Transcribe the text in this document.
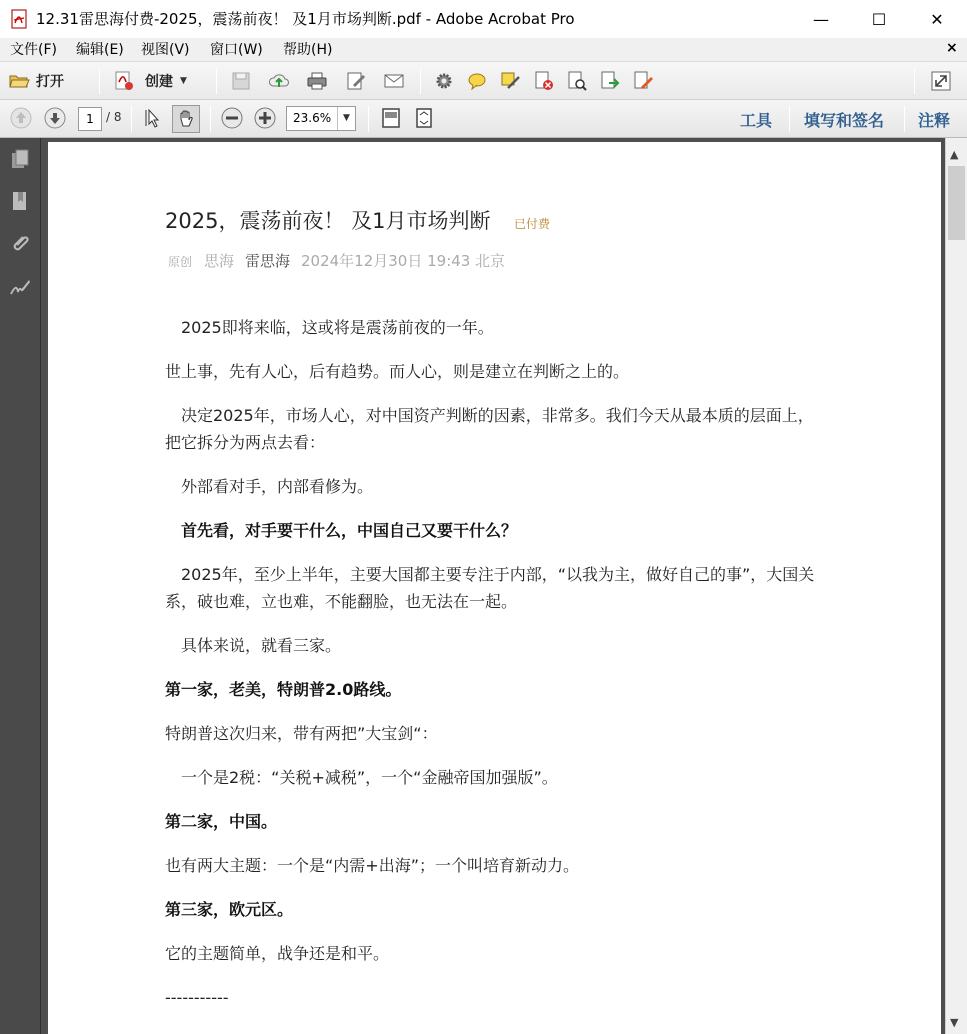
12.31雷思海付费-2025，震荡前夜！ 及1月市场判断.pdf - Adobe Acrobat Pro	—	☐	✕
文件(F) 编辑(E) 视图(V) 窗口(W) 帮助(H)	×
打开	创建 ▼
1	/ 8	23.6%	▼	工具 填写和签名 注释
2025，震荡前夜！ 及1月市场判断 已付费
原创 思海 雷思海 2024年12月30日 19:43 北京
　2025即将来临，这或将是震荡前夜的一年。
世上事，先有人心，后有趋势。而人心，则是建立在判断之上的。
　决定2025年，市场人心，对中国资产判断的因素，非常多。我们今天从最本质的层面上，把它拆分为两点去看：
　外部看对手，内部看修为。
　首先看，对手要干什么，中国自己又要干什么？
　2025年，至少上半年，主要大国都主要专注于内部，“以我为主，做好自己的事”，大国关系，破也难，立也难，不能翻脸，也无法在一起。
　具体来说，就看三家。
第一家，老美，特朗普2.0路线。
特朗普这次归来，带有两把”大宝剑“：
　一个是2税：“关税+减税”，一个“金融帝国加强版”。
第二家，中国。
也有两大主题：一个是“内需+出海”；一个叫培育新动力。
第三家，欧元区。
它的主题简单，战争还是和平。
-----------
▲
▼
